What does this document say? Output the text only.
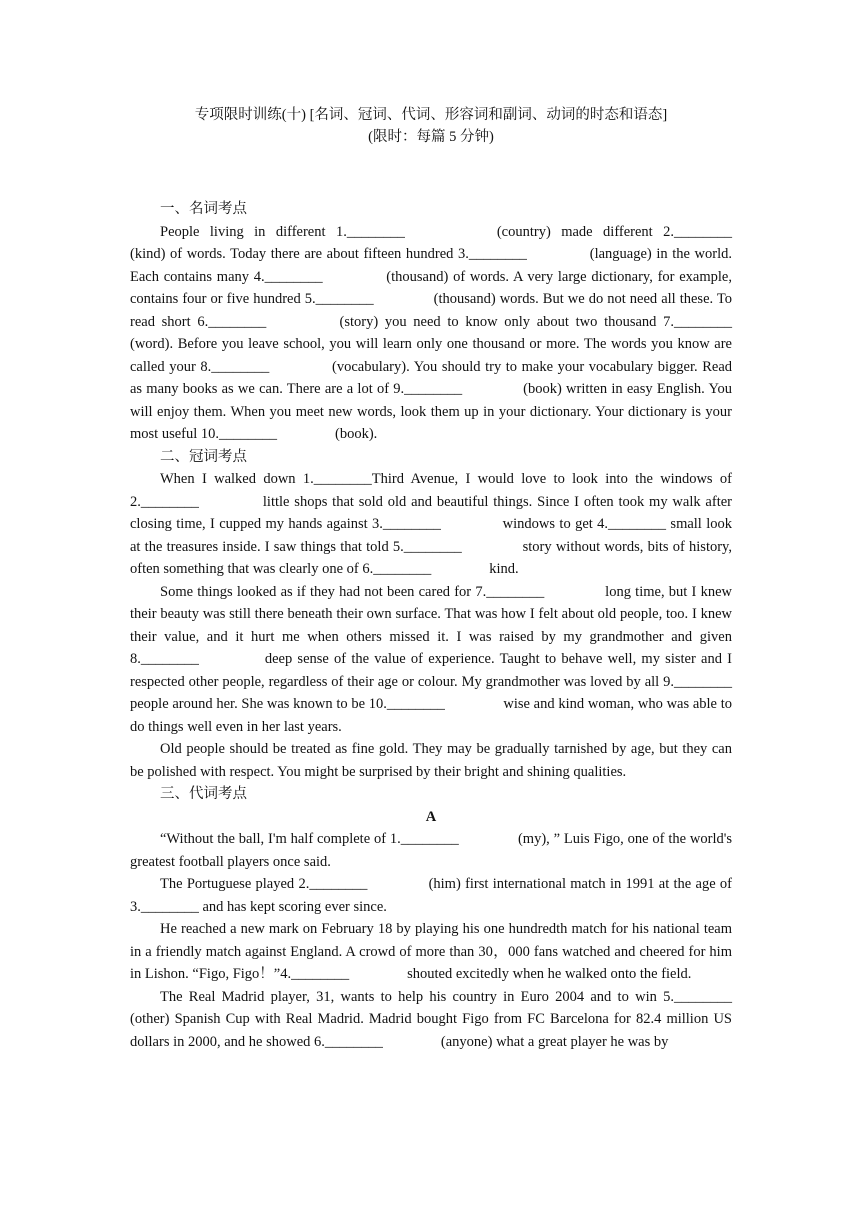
专项限时训练(十) [名词、冠词、代词、形容词和副词、动词的时态和语态]
(限时：每篇 5 分钟)
一、名词考点

People living in different 1.________　　　　(country) made different 2.________　　　　(kind) of words. Today there are about fifteen hundred 3.________　　　　(language) in the world. Each contains many 4.________　　　　(thousand) of words. A very large dictionary, for example, contains four or five hundred 5.________　　　　(thousand) words. But we do not need all these. To read short 6.________　　　　(story) you need to know only about two thousand 7.________　　　　(word). Before you leave school, you will learn only one thousand or more. The words you know are called your 8.________　　　　(vocabulary). You should try to make your vocabulary bigger. Read as many books as we can. There are a lot of 9.________　　　　(book) written in easy English. You will enjoy them. When you meet new words, look them up in your dictionary. Your dictionary is your most useful 10.________　　　　(book).

二、冠词考点

When I walked down 1.________Third Avenue, I would love to look into the windows of 2.________　　　　little shops that sold old and beautiful things. Since I often took my walk after closing time, I cupped my hands against 3.________　　　　windows to get 4.________ small look at the treasures inside. I saw things that told 5.________　　　　story without words, bits of history, often something that was clearly one of 6.________　　　　kind.

Some things looked as if they had not been cared for 7.________　　　　long time, but I knew their beauty was still there beneath their own surface. That was how I felt about old people, too. I knew their value, and it hurt me when others missed it. I was raised by my grandmother and given 8.________　　　　deep sense of the value of experience. Taught to behave well, my sister and I respected other people, regardless of their age or colour. My grandmother was loved by all 9.________　　　　people around her. She was known to be 10.________　　　　wise and kind woman, who was able to do things well even in her last years.

Old people should be treated as fine gold. They may be gradually tarnished by age, but they can be polished with respect. You might be surprised by their bright and shining qualities.

三、代词考点
A

“Without the ball, I'm half complete of 1.________　　　　(my), ” Luis Figo, one of the world's greatest football players once said.

The Portuguese played 2.________　　　　(him) first international match in 1991 at the age of 3.________ and has kept scoring ever since.

He reached a new mark on February 18 by playing his one hundredth match for his national team in a friendly match against England. A crowd of more than 30，000 fans watched and cheered for him in Lishon. “Figo, Figo！”4.________　　　　shouted excitedly when he walked onto the field.

The Real Madrid player, 31, wants to help his country in Euro 2004 and to win 5.________ (other) Spanish Cup with Real Madrid. Madrid bought Figo from FC Barcelona for 82.4 million US dollars in 2000, and he showed 6.________　　　　(anyone) what a great player he was by
